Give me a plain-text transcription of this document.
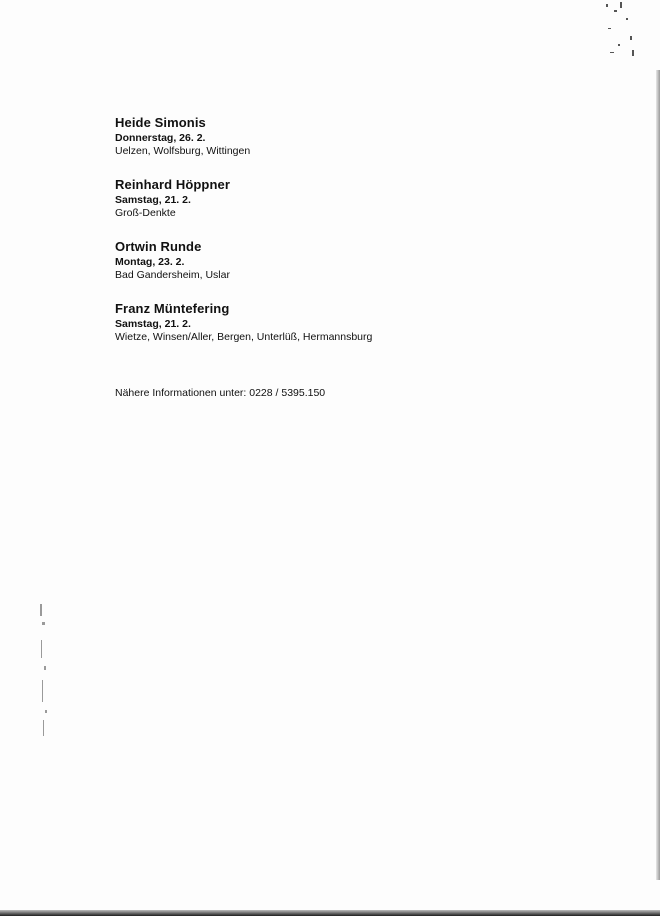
Heide Simonis
Donnerstag, 26. 2.
Uelzen, Wolfsburg, Wittingen
Reinhard Höppner
Samstag, 21. 2.
Groß-Denkte
Ortwin Runde
Montag, 23. 2.
Bad Gandersheim, Uslar
Franz Müntefering
Samstag, 21. 2.
Wietze, Winsen/Aller, Bergen, Unterlüß, Hermannsburg
Nähere Informationen unter: 0228 / 5395.150
